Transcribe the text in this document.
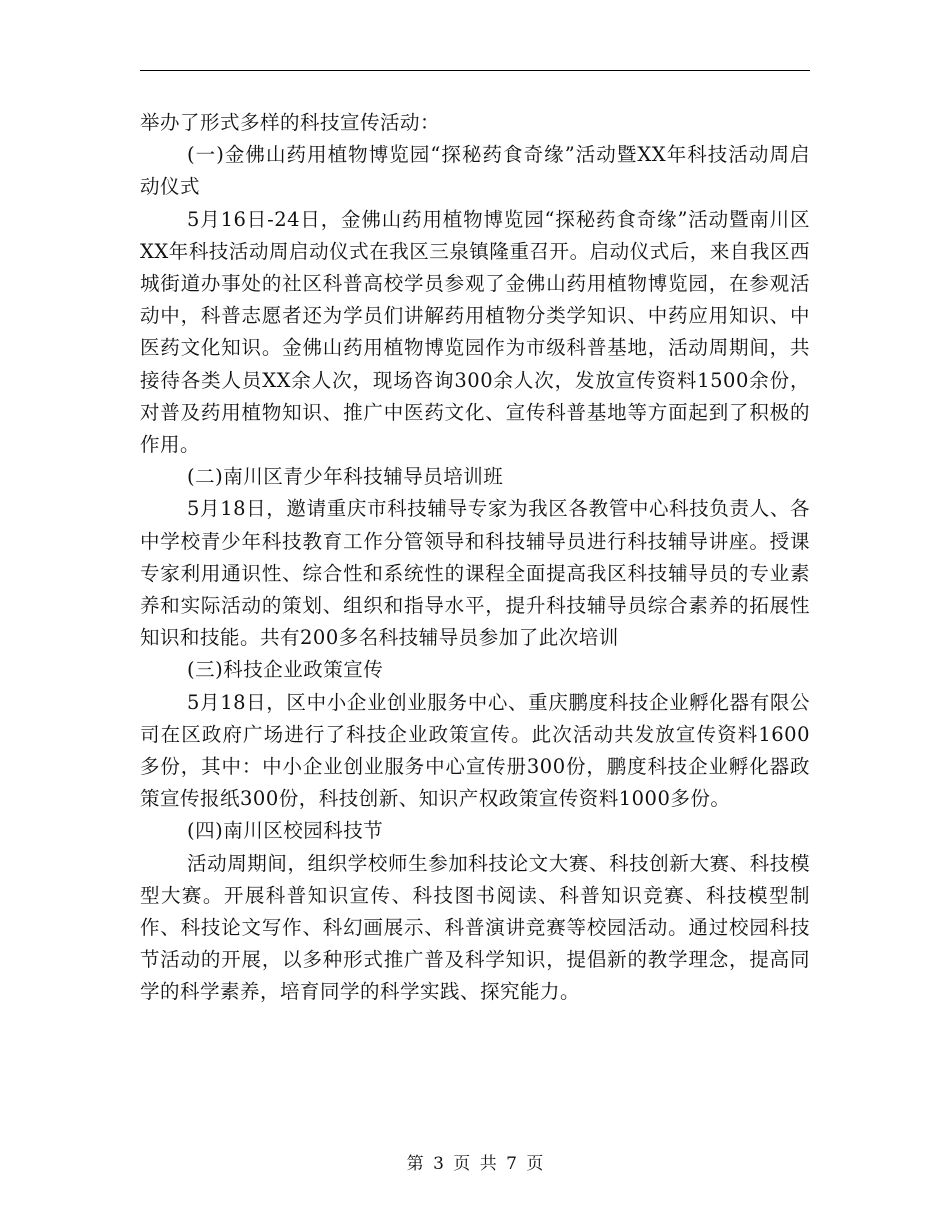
举办了形式多样的科技宣传活动：

(一)金佛山药用植物博览园“探秘药食奇缘”活动暨XX年科技活动周启动仪式

5月16日-24日，金佛山药用植物博览园“探秘药食奇缘”活动暨南川区XX年科技活动周启动仪式在我区三泉镇隆重召开。启动仪式后，来自我区西城街道办事处的社区科普高校学员参观了金佛山药用植物博览园，在参观活动中，科普志愿者还为学员们讲解药用植物分类学知识、中药应用知识、中医药文化知识。金佛山药用植物博览园作为市级科普基地，活动周期间，共接待各类人员XX余人次，现场咨询300余人次，发放宣传资料1500余份，对普及药用植物知识、推广中医药文化、宣传科普基地等方面起到了积极的作用。

(二)南川区青少年科技辅导员培训班

5月18日，邀请重庆市科技辅导专家为我区各教管中心科技负责人、各中学校青少年科技教育工作分管领导和科技辅导员进行科技辅导讲座。授课专家利用通识性、综合性和系统性的课程全面提高我区科技辅导员的专业素养和实际活动的策划、组织和指导水平，提升科技辅导员综合素养的拓展性知识和技能。共有200多名科技辅导员参加了此次培训

(三)科技企业政策宣传

5月18日，区中小企业创业服务中心、重庆鹏度科技企业孵化器有限公司在区政府广场进行了科技企业政策宣传。此次活动共发放宣传资料1600多份，其中：中小企业创业服务中心宣传册300份，鹏度科技企业孵化器政策宣传报纸300份，科技创新、知识产权政策宣传资料1000多份。

(四)南川区校园科技节

活动周期间，组织学校师生参加科技论文大赛、科技创新大赛、科技模型大赛。开展科普知识宣传、科技图书阅读、科普知识竞赛、科技模型制作、科技论文写作、科幻画展示、科普演讲竞赛等校园活动。通过校园科技节活动的开展，以多种形式推广普及科学知识，提倡新的教学理念，提高同学的科学素养，培育同学的科学实践、探究能力。

第 3 页 共 7 页
